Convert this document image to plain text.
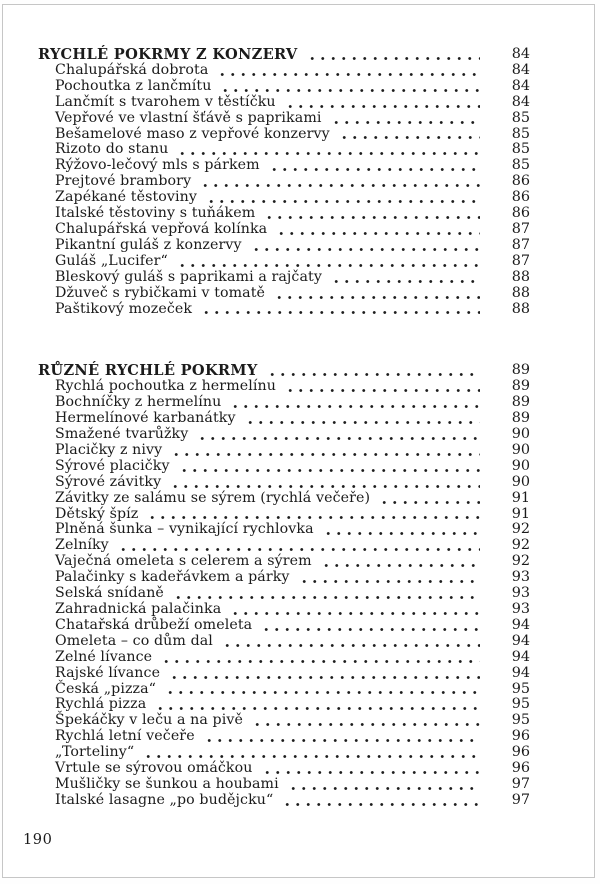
RYCHLÉ POKRMY Z KONZERV	84
Chalupářská dobrota	84
Pochoutka z lančmítu	84
Lančmít s tvarohem v těstíčku	84
Vepřové ve vlastní šťávě s paprikami	85
Bešamelové maso z vepřové konzervy	85
Rizoto do stanu	85
Rýžovo-lečový mls s párkem	85
Prejtové brambory	86
Zapékané těstoviny	86
Italské těstoviny s tuňákem	86
Chalupářská vepřová kolínka	87
Pikantní guláš z konzervy	87
Guláš „Lucifer“	87
Bleskový guláš s paprikami a rajčaty	88
Džuveč s rybičkami v tomatě	88
Paštikový mozeček	88
RŮZNÉ RYCHLÉ POKRMY	89
Rychlá pochoutka z hermelínu	89
Bochníčky z hermelínu	89
Hermelínové karbanátky	89
Smažené tvarůžky	90
Placičky z nivy	90
Sýrové placičky	90
Sýrové závitky	90
Závitky ze salámu se sýrem (rychlá večeře)	91
Dětský špíz	91
Plněná šunka – vynikající rychlovka	92
Zelníky	92
Vaječná omeleta s celerem a sýrem	92
Palačinky s kadeřávkem a párky	93
Selská snídaně	93
Zahradnická palačinka	93
Chatařská drůbeží omeleta	94
Omeleta – co dům dal	94
Zelné lívance	94
Rajské lívance	94
Česká „pizza“	95
Rychlá pizza	95
Špekáčky v leču a na pivě	95
Rychlá letní večeře	96
„Torteliny“	96
Vrtule se sýrovou omáčkou	96
Mušličky se šunkou a houbami	97
Italské lasagne „po budějcku“	97
190
